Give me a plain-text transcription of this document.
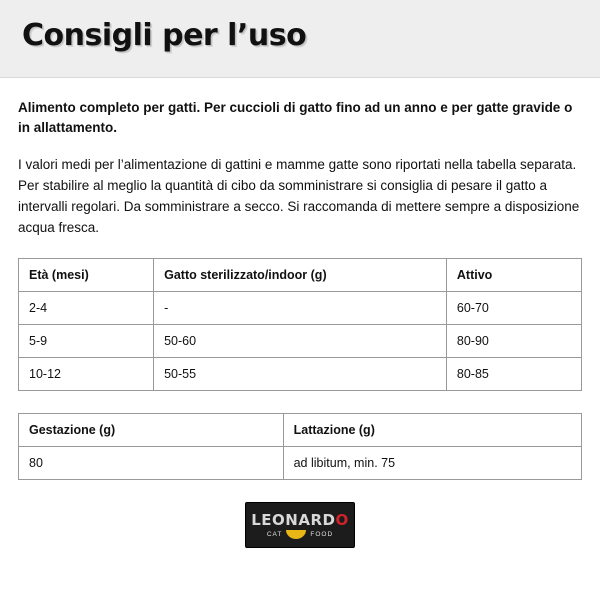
Consigli per l’uso

Alimento completo per gatti. Per cuccioli di gatto fino ad un anno e per gatte gravide o in allattamento.

I valori medi per l’alimentazione di gattini e mamme gatte sono riportati nella tabella separata. Per stabilire al meglio la quantità di cibo da somministrare si consiglia di pesare il gatto a intervalli regolari. Da somministrare a secco. Si raccomanda di mettere sempre a disposizione acqua fresca.

Età (mesi)	Gatto sterilizzato/indoor (g)	Attivo
2-4	-	60-70
5-9	50-60	80-90
10-12	50-55	80-85
Gestazione (g)	Lattazione (g)
80	ad libitum, min. 75
LEONARDO
CAT	FOOD
